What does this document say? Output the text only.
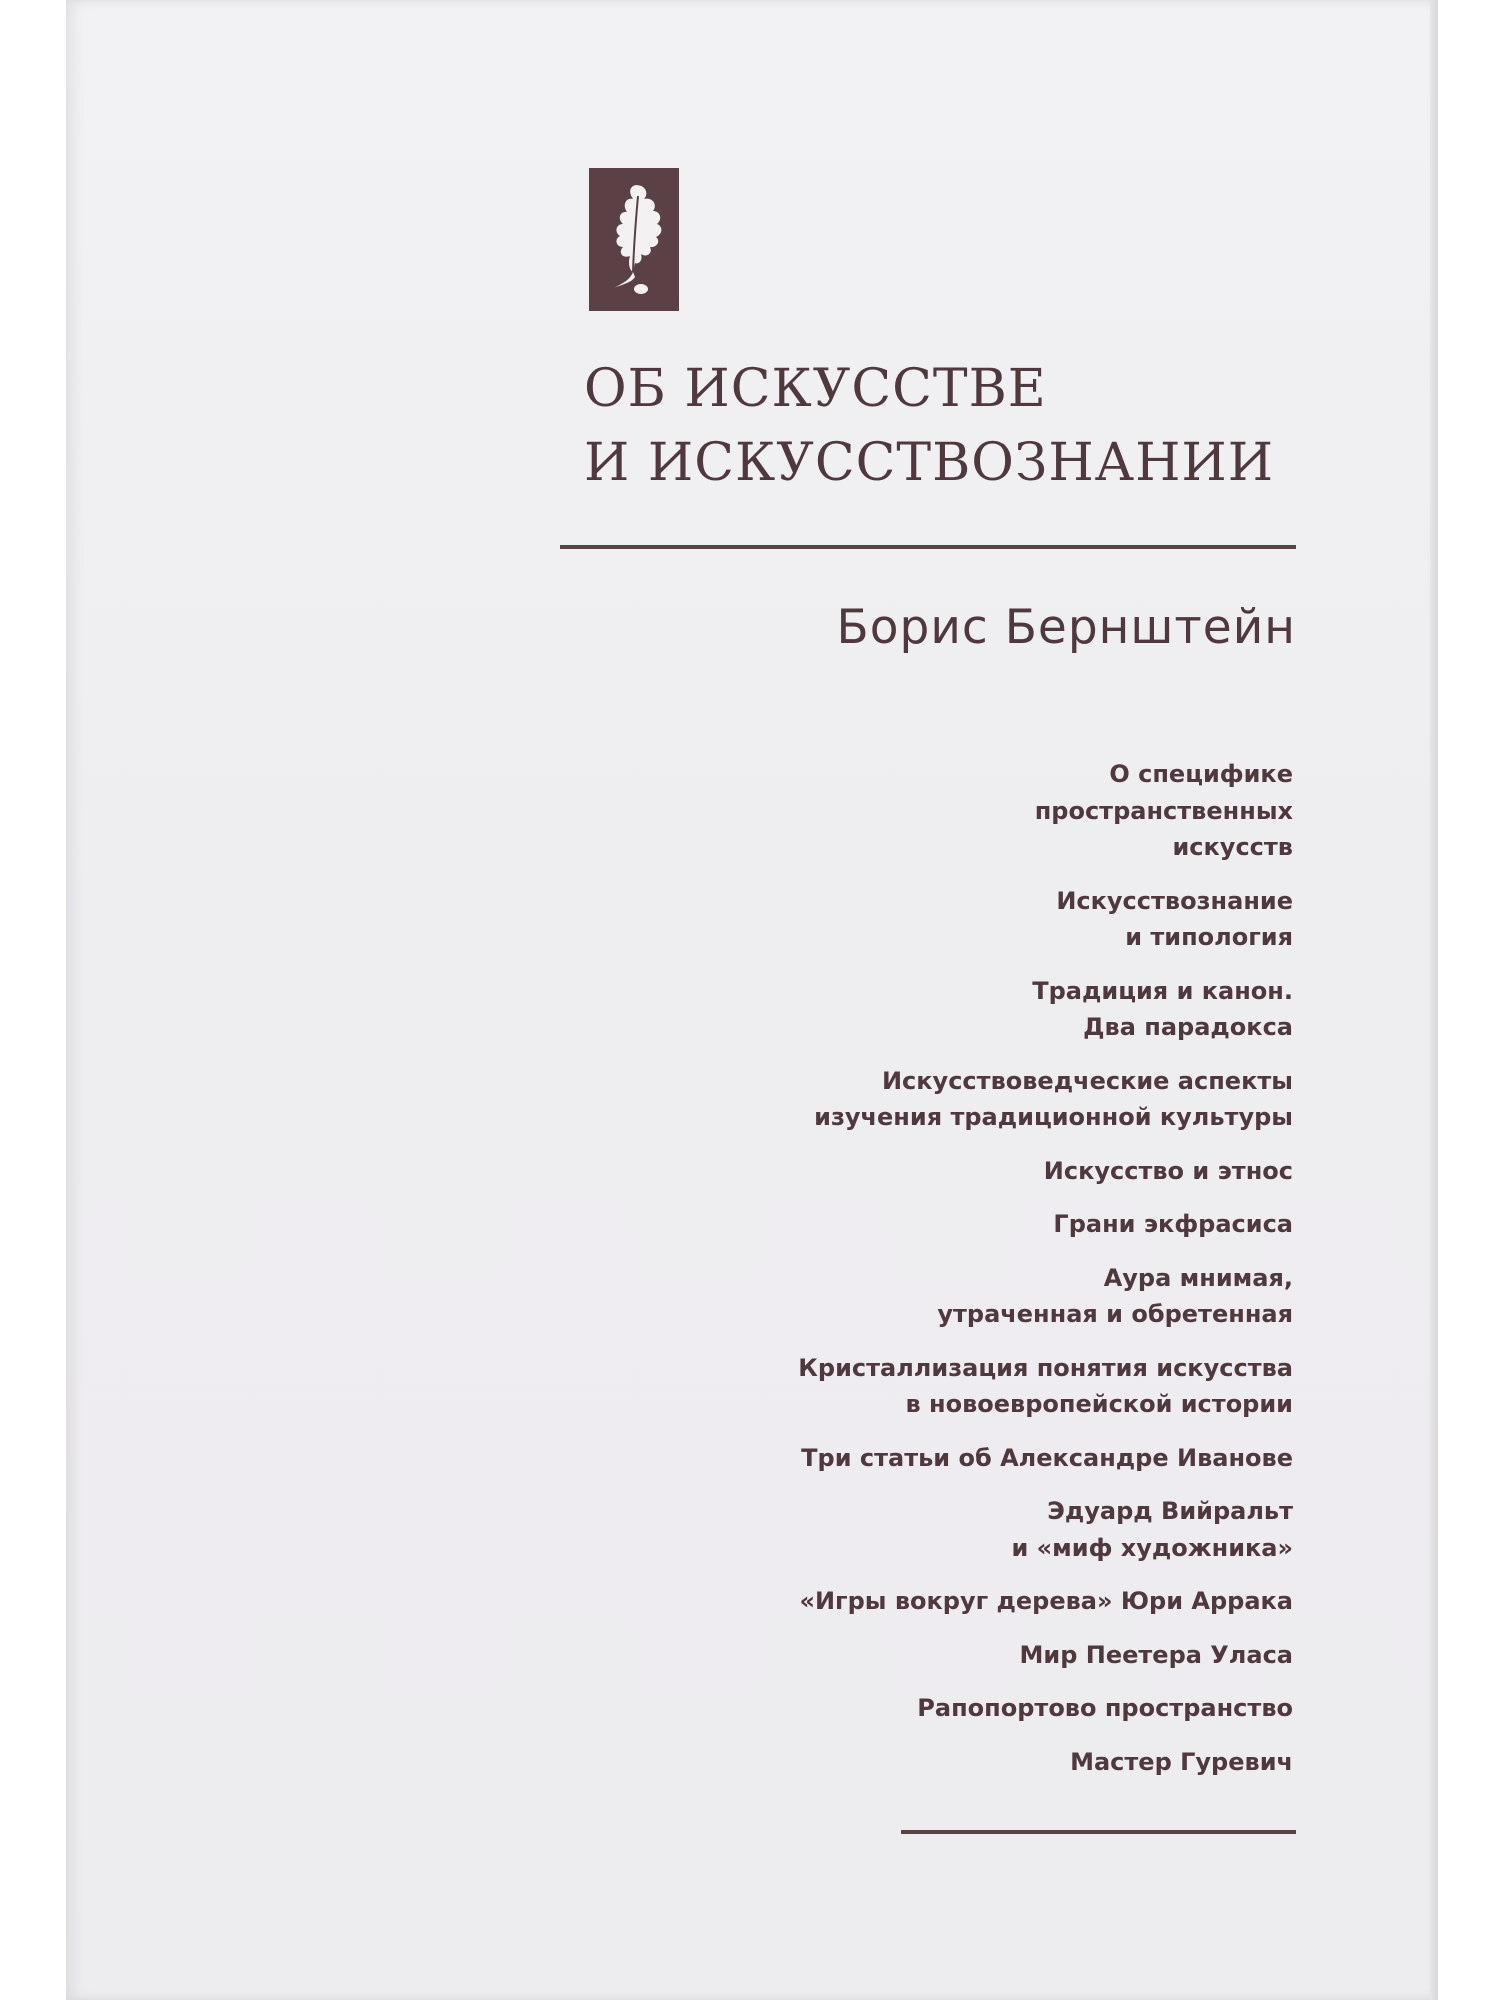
ОБ ИСКУССТВЕ
И ИСКУССТВОЗНАНИИ
Борис Бернштейн
О специфике
пространственных
искусств
Искусствознание
и типология
Традиция и канон.
Два парадокса
Искусствоведческие аспекты
изучения традиционной культуры
Искусство и этнос
Грани экфрасиса
Аура мнимая,
утраченная и обретенная
Кристаллизация понятия искусства
в новоевропейской истории
Три статьи об Александре Иванове
Эдуард Вийральт
и «миф художника»
«Игры вокруг дерева» Юри Аррака
Мир Пеетера Уласа
Рапопортово пространство
Мастер Гуревич
